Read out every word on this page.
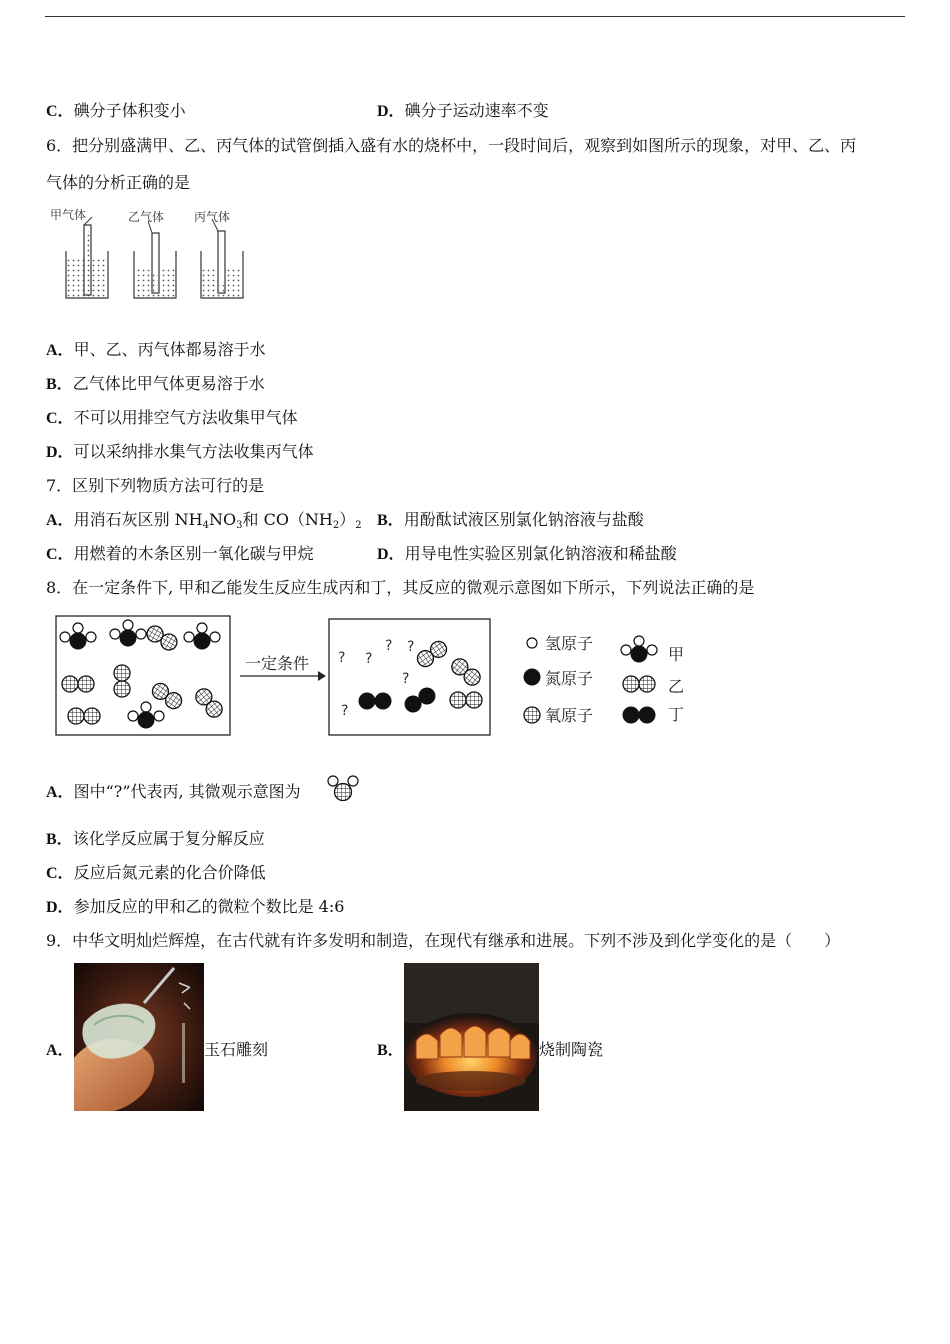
C．碘分子体积变小	D．碘分子运动速率不变
6．把分别盛满甲、乙、丙气体的试管倒插入盛有水的烧杯中，一段时间后，观察到如图所示的现象，对甲、乙、丙
气体的分析正确的是
甲气体	乙气体 丙气体
A．甲、乙、丙气体都易溶于水
B．乙气体比甲气体更易溶于水
C．不可以用排空气方法收集甲气体
D．可以采纳排水集气方法收集丙气体
7．区别下列物质方法可行的是
A．用消石灰区别 $NH_4NO_3$和 $CO(NH_2)_2$ B．用酚酞试液区别氯化钠溶液与盐酸
C．用燃着的木条区别一氧化碳与甲烷	D．用导电性实验区别氯化钠溶液和稀盐酸
8．在一定条件下, 甲和乙能发生反应生成丙和丁，其反应的微观示意图如下所示，下列说法正确的是
一定条件 ? ?
? ?
?
?
氢原子
氮原子
氧原子
甲
乙
丁
A．图中“?”代表丙, 其微观示意图为
B．该化学反应属于复分解反应
C．反应后氮元素的化合价降低
D．参加反应的甲和乙的微粒个数比是 4:6
9．中华文明灿烂辉煌，在古代就有许多发明和制造，在现代有继承和进展。下列不涉及到化学变化的是（　　）
A．	玉石雕刻	B．	烧制陶瓷
